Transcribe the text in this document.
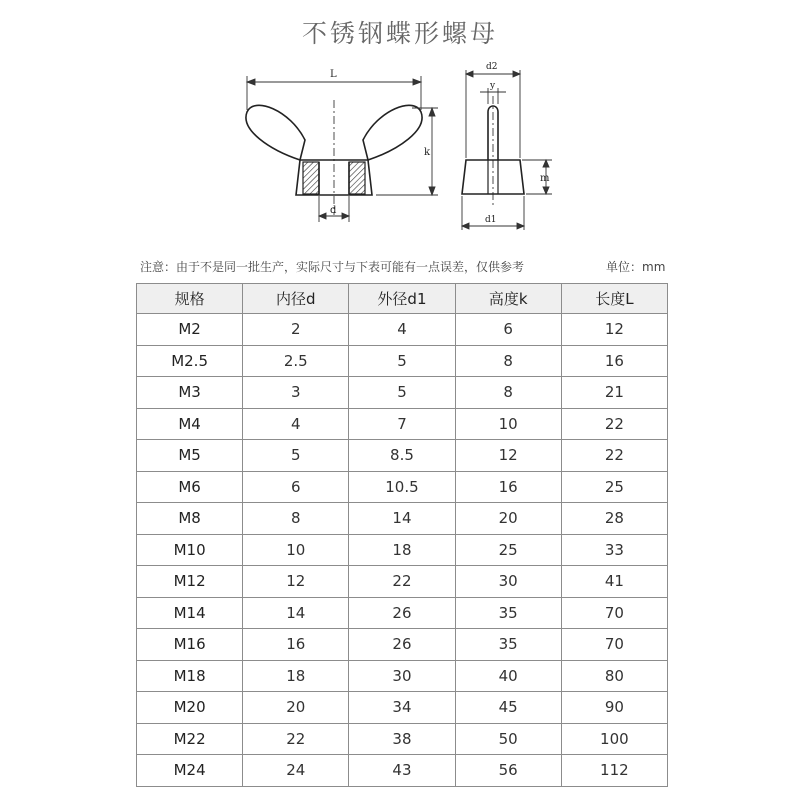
不锈钢蝶形螺母
L
k
d
d2
y
m
d1
注意：由于不是同一批生产，实际尺寸与下表可能有一点误差，仅供参考	单位：mm
规格	内径d	外径d1	高度k	长度L
M2	2	4	6	12
M2.5	2.5	5	8	16
M3	3	5	8	21
M4	4	7	10	22
M5	5	8.5	12	22
M6	6	10.5	16	25
M8	8	14	20	28
M10	10	18	25	33
M12	12	22	30	41
M14	14	26	35	70
M16	16	26	35	70
M18	18	30	40	80
M20	20	34	45	90
M22	22	38	50	100
M24	24	43	56	112
